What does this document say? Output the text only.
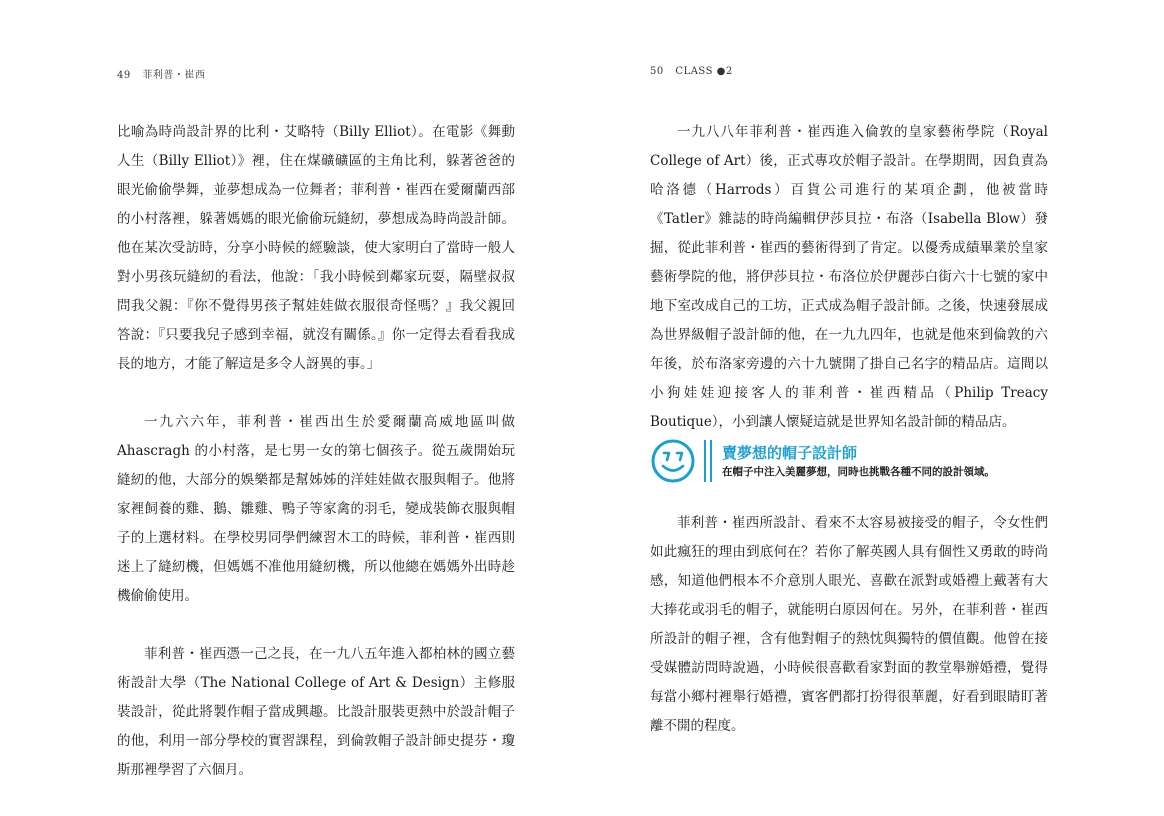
49 菲利普・崔西

比喻為時尚設計界的比利・艾略特（Billy Elliot）。在電影《舞動人生（Billy Elliot）》裡，住在煤礦礦區的主角比利，躲著爸爸的眼光偷偷學舞，並夢想成為一位舞者；菲利普・崔西在愛爾蘭西部的小村落裡，躲著媽媽的眼光偷偷玩縫紉，夢想成為時尚設計師。他在某次受訪時，分享小時候的經驗談，使大家明白了當時一般人對小男孩玩縫紉的看法，他說：「我小時候到鄰家玩耍，隔壁叔叔問我父親：『你不覺得男孩子幫娃娃做衣服很奇怪嗎？』我父親回答說：『只要我兒子感到幸福，就沒有關係。』你一定得去看看我成長的地方，才能了解這是多令人訝異的事。」

一九六六年，菲利普・崔西出生於愛爾蘭高威地區叫做 Ahascragh 的小村落，是七男一女的第七個孩子。從五歲開始玩縫紉的他，大部分的娛樂都是幫姊姊的洋娃娃做衣服與帽子。他將家裡飼養的雞、鵝、雛雞、鴨子等家禽的羽毛，變成裝飾衣服與帽子的上選材料。在學校男同學們練習木工的時候，菲利普・崔西則迷上了縫紉機，但媽媽不准他用縫紉機，所以他總在媽媽外出時趁機偷偷使用。

菲利普・崔西憑一己之長，在一九八五年進入都柏林的國立藝術設計大學（The National College of Art & Design）主修服裝設計，從此將製作帽子當成興趣。比設計服裝更熱中於設計帽子的他，利用一部分學校的實習課程，到倫敦帽子設計師史提芬・瓊斯那裡學習了六個月。

50 CLASS ●2

一九八八年菲利普・崔西進入倫敦的皇家藝術學院（Royal College of Art）後，正式專攻於帽子設計。在學期間，因負責為哈洛德（Harrods）百貨公司進行的某項企劃，他被當時《Tatler》雜誌的時尚編輯伊莎貝拉・布洛（Isabella Blow）發掘，從此菲利普・崔西的藝術得到了肯定。以優秀成績畢業於皇家藝術學院的他，將伊莎貝拉・布洛位於伊麗莎白街六十七號的家中地下室改成自己的工坊，正式成為帽子設計師。之後，快速發展成為世界級帽子設計師的他，在一九九四年，也就是他來到倫敦的六年後，於布洛家旁邊的六十九號開了掛自己名字的精品店。這間以小狗娃娃迎接客人的菲利普・崔西精品（Philip Treacy Boutique），小到讓人懷疑這就是世界知名設計師的精品店。

賣夢想的帽子設計師
在帽子中注入美麗夢想，同時也挑戰各種不同的設計領域。

菲利普・崔西所設計、看來不太容易被接受的帽子，令女性們如此瘋狂的理由到底何在？若你了解英國人具有個性又勇敢的時尚感，知道他們根本不介意別人眼光、喜歡在派對或婚禮上戴著有大大捧花或羽毛的帽子，就能明白原因何在。另外，在菲利普・崔西所設計的帽子裡，含有他對帽子的熱忱與獨特的價值觀。他曾在接受媒體訪問時說過，小時候很喜歡看家對面的教堂舉辦婚禮，覺得每當小鄉村裡舉行婚禮，賓客們都打扮得很華麗，好看到眼睛盯著離不開的程度。
